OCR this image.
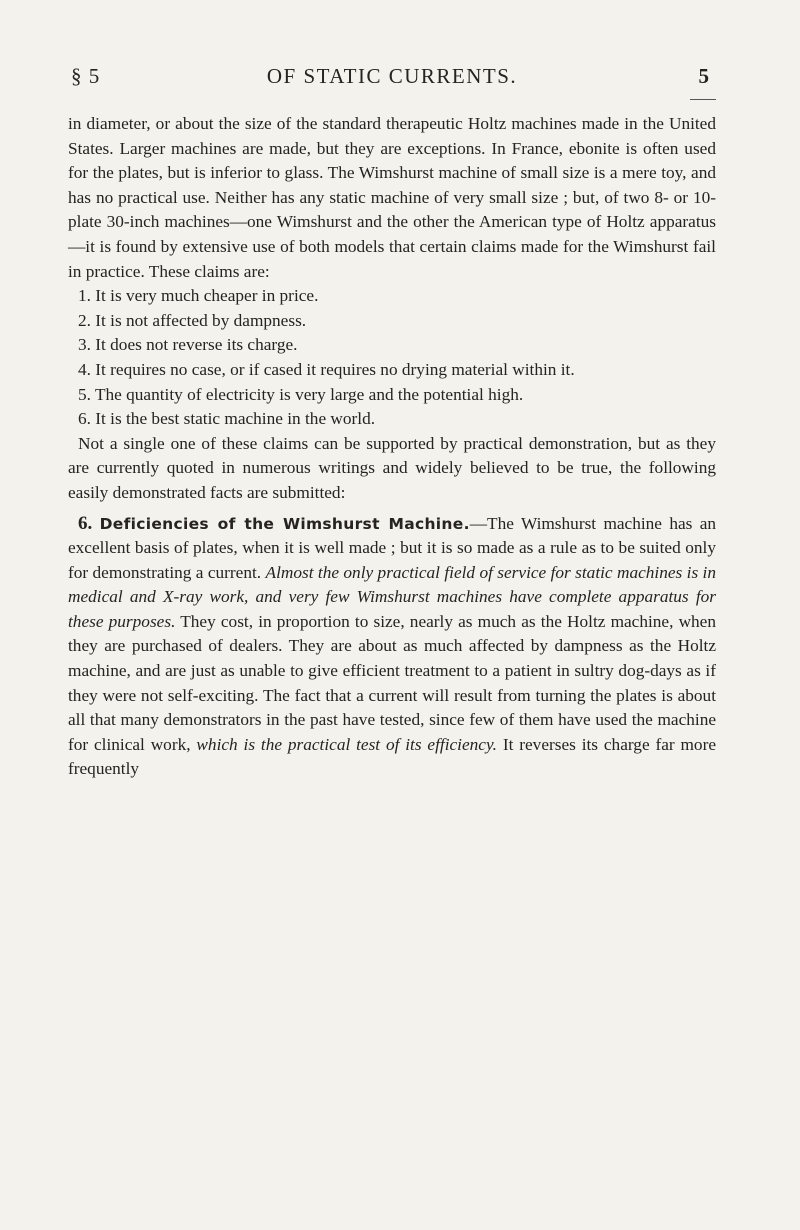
§ 5	OF STATIC CURRENTS.	5

in diameter, or about the size of the standard therapeutic Holtz machines made in the United States. Larger machines are made, but they are exceptions. In France, ebonite is often used for the plates, but is inferior to glass. The Wimshurst machine of small size is a mere toy, and has no practical use. Neither has any static machine of very small size ; but, of two 8- or 10-plate 30-inch machines—one Wimshurst and the other the American type of Holtz apparatus—it is found by extensive use of both models that certain claims made for the Wimshurst fail in practice. These claims are:

1. It is very much cheaper in price.

2. It is not affected by dampness.

3. It does not reverse its charge.

4. It requires no case, or if cased it requires no drying material within it.

5. The quantity of electricity is very large and the potential high.

6. It is the best static machine in the world.

Not a single one of these claims can be supported by practical demonstration, but as they are currently quoted in numerous writings and widely believed to be true, the following easily demonstrated facts are submitted:

6. Deficiencies of the Wimshurst Machine.—The Wimshurst machine has an excellent basis of plates, when it is well made ; but it is so made as a rule as to be suited only for demonstrating a current. Almost the only practical field of service for static machines is in medical and X-ray work, and very few Wimshurst machines have complete apparatus for these purposes. They cost, in proportion to size, nearly as much as the Holtz machine, when they are purchased of dealers. They are about as much affected by dampness as the Holtz machine, and are just as unable to give efficient treatment to a patient in sultry dog-days as if they were not self-exciting. The fact that a current will result from turning the plates is about all that many demonstrators in the past have tested, since few of them have used the machine for clinical work, which is the practical test of its efficiency. It reverses its charge far more frequently
